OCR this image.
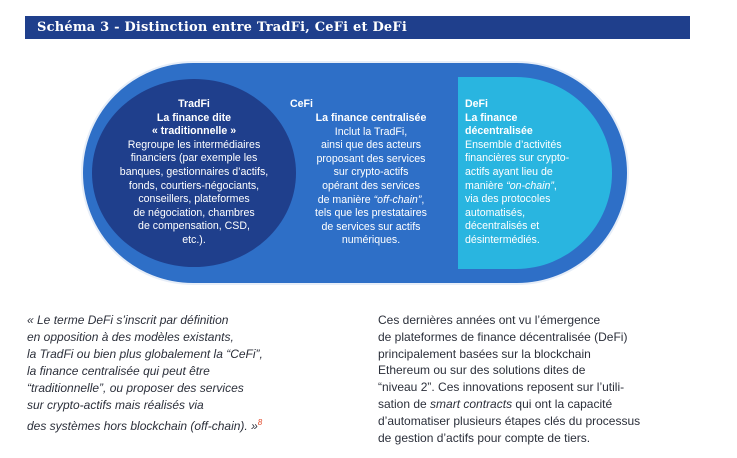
Schéma 3 - Distinction entre TradFi, CeFi et DeFi
TradFi
La finance dite
« traditionnelle »
Regroupe les intermédiaires
financiers (par exemple les
banques, gestionnaires d’actifs,
fonds, courtiers-négociants,
conseillers, plateformes
de négociation, chambres
de compensation, CSD,
etc.).
CeFi
La finance centralisée
Inclut la TradFi,
ainsi que des acteurs
proposant des services
sur crypto-actifs
opérant des services
de manière “off-chain”,
tels que les prestataires
de services sur actifs
numériques.
DeFi
La finance
décentralisée
Ensemble d’activités
financières sur crypto-
actifs ayant lieu de
manière “on-chain”,
via des protocoles
automatisés,
décentralisés et
désintermédiés.
« Le terme DeFi s’inscrit par définition
en opposition à des modèles existants,
la TradFi ou bien plus globalement la “CeFi”,
la finance centralisée qui peut être
“traditionnelle”, ou proposer des services
sur crypto-actifs mais réalisés via
des systèmes hors blockchain (off-chain). »$^8$
Ces dernières années ont vu l’émergence
de plateformes de finance décentralisée (DeFi)
principalement basées sur la blockchain
Ethereum ou sur des solutions dites de
“niveau 2”. Ces innovations reposent sur l’utili-
sation de smart contracts qui ont la capacité
d’automatiser plusieurs étapes clés du processus
de gestion d’actifs pour compte de tiers.
